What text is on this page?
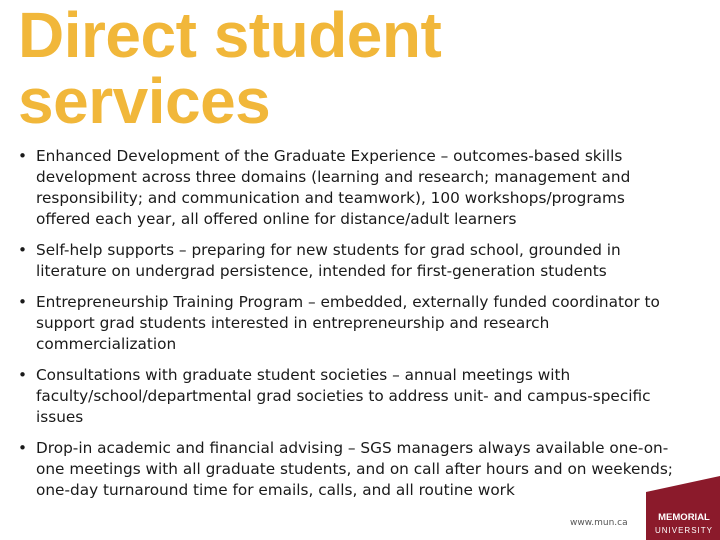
Direct student
services
• Enhanced Development of the Graduate Experience – outcomes-based skills development across three domains (learning and research; management and responsibility; and communication and teamwork), 100 workshops/programs offered each year, all offered online for distance/adult learners
• Self-help supports – preparing for new students for grad school, grounded in literature on undergrad persistence, intended for first-generation students
• Entrepreneurship Training Program – embedded, externally funded coordinator to support grad students interested in entrepreneurship and research commercialization
• Consultations with graduate student societies – annual meetings with faculty/school/departmental grad societies to address unit- and campus-specific issues
• Drop-in academic and financial advising – SGS managers always available one-on-one meetings with all graduate students, and on call after hours and on weekends; one-day turnaround time for emails, calls, and all routine work
www.mun.ca	MEMORIAL
UNIVERSITY
